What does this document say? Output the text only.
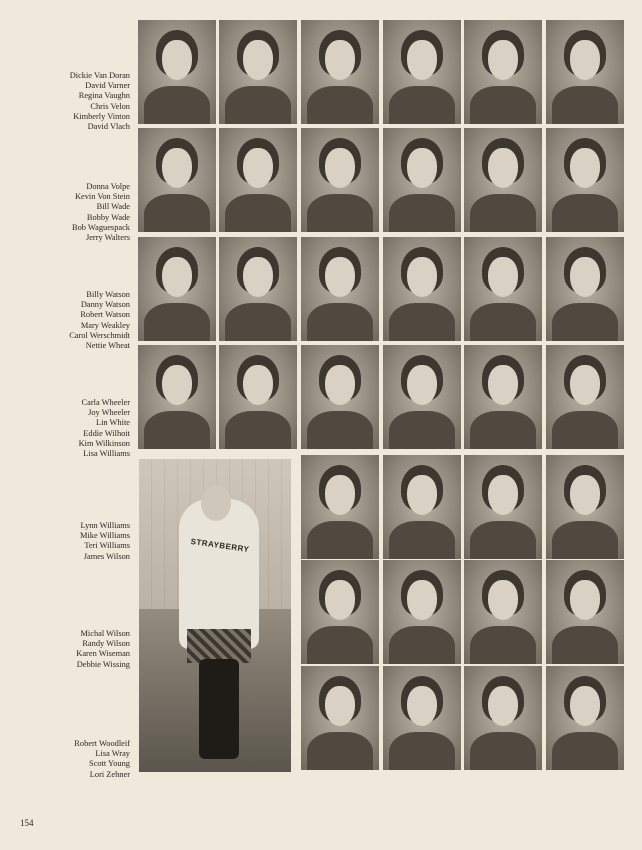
Dickie Van Doran
David Varner
Regina Vaughn
Chris Velon
Kimberly Vinton
David Vlach
Donna Volpe
Kevin Von Stein
Bill Wade
Bobby Wade
Bob Waguespack
Jerry Walters
Billy Watson
Danny Watson
Robert Watson
Mary Weakley
Carol Werschmidt
Nettie Wheat
Carla Wheeler
Joy Wheeler
Lin White
Eddie Wilhoit
Kim Wilkinson
Lisa Williams
Lynn Williams
Mike Williams
Teri Williams
James Wilson
Michal Wilson
Randy Wilson
Karen Wiseman
Debbie Wissing
Robert Woodleif
Lisa Wray
Scott Young
Lori Zehner
STRAYBERRY
154
